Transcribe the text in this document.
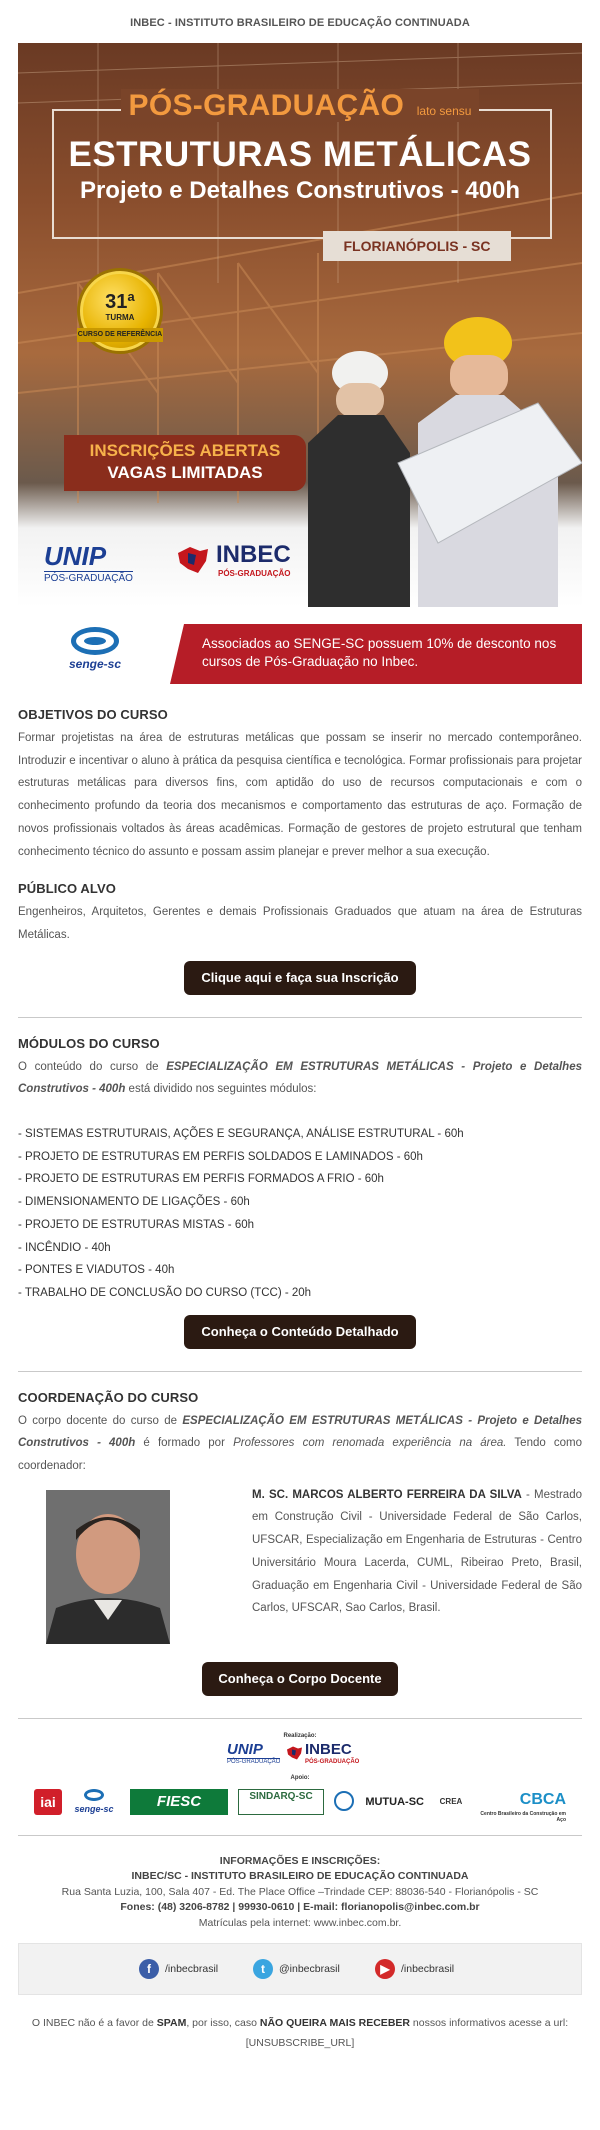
INBEC - INSTITUTO BRASILEIRO DE EDUCAÇÃO CONTINUADA
PÓS-GRADUAÇÃO lato sensu
ESTRUTURAS METÁLICAS
Projeto e Detalhes Construtivos - 400h
FLORIANÓPOLIS - SC
31ª
TURMA
CURSO DE REFERÊNCIA
INSCRIÇÕES ABERTAS
VAGAS LIMITADAS
UNIP
PÓS-GRADUAÇÃO
INBEC
PÓS-GRADUAÇÃO
senge-sc
Associados ao SENGE-SC possuem 10% de desconto nos cursos de Pós-Graduação no Inbec.
OBJETIVOS DO CURSO

Formar projetistas na área de estruturas metálicas que possam se inserir no mercado contemporâneo. Introduzir e incentivar o aluno à prática da pesquisa científica e tecnológica. Formar profissionais para projetar estruturas metálicas para diversos fins, com aptidão do uso de recursos computacionais e com o conhecimento profundo da teoria dos mecanismos e comportamento das estruturas de aço. Formação de novos profissionais voltados às áreas acadêmicas. Formação de gestores de projeto estrutural que tenham conhecimento técnico do assunto e possam assim planejar e prever melhor a sua execução.

PÚBLICO ALVO

Engenheiros, Arquitetos, Gerentes e demais Profissionais Graduados que atuam na área de Estruturas Metálicas.

Clique aqui e faça sua Inscrição
MÓDULOS DO CURSO

O conteúdo do curso de ESPECIALIZAÇÃO EM ESTRUTURAS METÁLICAS - Projeto e Detalhes Construtivos - 400h está dividido nos seguintes módulos:

- SISTEMAS ESTRUTURAIS, AÇÕES E SEGURANÇA, ANÁLISE ESTRUTURAL - 60h
- PROJETO DE ESTRUTURAS EM PERFIS SOLDADOS E LAMINADOS - 60h
- PROJETO DE ESTRUTURAS EM PERFIS FORMADOS A FRIO - 60h
- DIMENSIONAMENTO DE LIGAÇÕES - 60h
- PROJETO DE ESTRUTURAS MISTAS - 60h
- INCÊNDIO - 40h
- PONTES E VIADUTOS - 40h
- TRABALHO DE CONCLUSÃO DO CURSO (TCC) - 20h
Conheça o Conteúdo Detalhado
COORDENAÇÃO DO CURSO

O corpo docente do curso de ESPECIALIZAÇÃO EM ESTRUTURAS METÁLICAS - Projeto e Detalhes Construtivos - 400h é formado por Professores com renomada experiência na área. Tendo como coordenador:

M. SC. MARCOS ALBERTO FERREIRA DA SILVA - Mestrado em Construção Civil - Universidade Federal de São Carlos, UFSCAR, Especialização em Engenharia de Estruturas - Centro Universitário Moura Lacerda, CUML, Ribeirao Preto, Brasil, Graduação em Engenharia Civil - Universidade Federal de São Carlos, UFSCAR, Sao Carlos, Brasil.

Conheça o Corpo Docente
Realização:
UNIP
PÓS-GRADUAÇÃO
INBEC
PÓS-GRADUAÇÃO
Apoio:
iai	senge-sc	FIESC	SINDARQ-SC	MUTUA-SC CREA	CBCA
Centro Brasileiro da Construção em Aço
INFORMAÇÕES E INSCRIÇÕES:
INBEC/SC - INSTITUTO BRASILEIRO DE EDUCAÇÃO CONTINUADA
Rua Santa Luzia, 100, Sala 407 - Ed. The Place Office –Trindade CEP: 88036-540 - Florianópolis - SC
Fones: (48) 3206-8782 | 99930-0610 | E-mail: florianopolis@inbec.com.br
Matrículas pela internet: www.inbec.com.br.
f /inbecbrasil	t @inbecbrasil	▶ /inbecbrasil
O INBEC não é a favor de SPAM, por isso, caso NÃO QUEIRA MAIS RECEBER nossos informativos acesse a url: [UNSUBSCRIBE_URL]
